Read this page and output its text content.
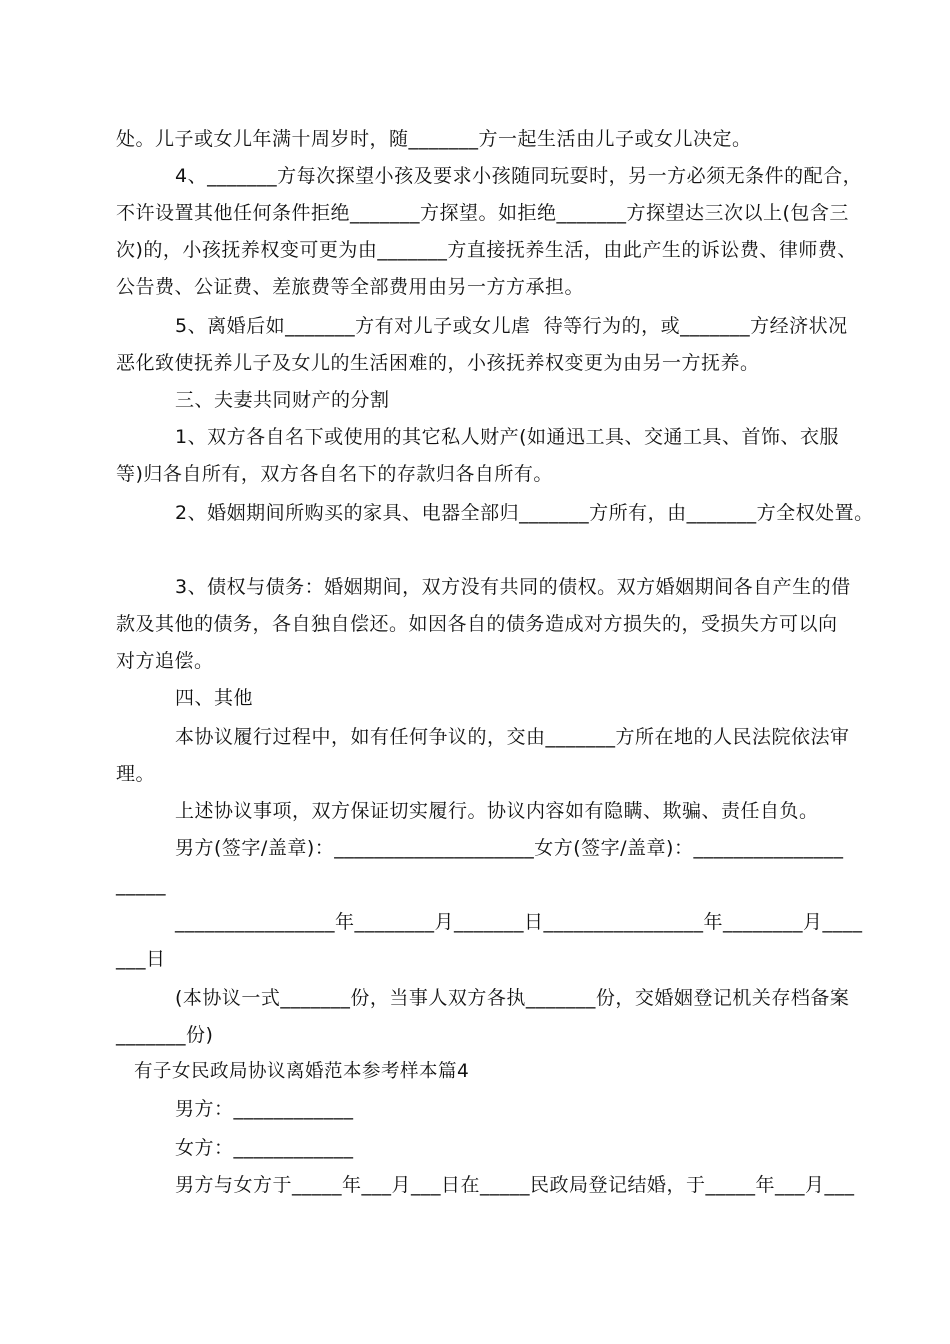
处。儿子或女儿年满十周岁时，随_______方一起生活由儿子或女儿决定。
4、_______方每次探望小孩及要求小孩随同玩耍时，另一方必须无条件的配合，
不许设置其他任何条件拒绝_______方探望。如拒绝_______方探望达三次以上(包含三
次)的，小孩抚养权变可更为由_______方直接抚养生活，由此产生的诉讼费、律师费、
公告费、公证费、差旅费等全部费用由另一方方承担。
5、离婚后如_______方有对儿子或女儿虐  待等行为的，或_______方经济状况
恶化致使抚养儿子及女儿的生活困难的，小孩抚养权变更为由另一方抚养。
三、夫妻共同财产的分割
1、双方各自名下或使用的其它私人财产(如通迅工具、交通工具、首饰、衣服
等)归各自所有，双方各自名下的存款归各自所有。
2、婚姻期间所购买的家具、电器全部归_______方所有，由_______方全权处置。
3、债权与债务：婚姻期间，双方没有共同的债权。双方婚姻期间各自产生的借
款及其他的债务，各自独自偿还。如因各自的债务造成对方损失的，受损失方可以向
对方追偿。
四、其他
本协议履行过程中，如有任何争议的，交由_______方所在地的人民法院依法审
理。
上述协议事项，双方保证切实履行。协议内容如有隐瞒、欺骗、责任自负。
男方(签字/盖章)：____________________女方(签字/盖章)：_______________
_____
________________年________月_______日________________年________月____
___日
(本协议一式_______份，当事人双方各执_______份，交婚姻登记机关存档备案
_______份)
有子女民政局协议离婚范本参考样本篇4
男方：____________
女方：____________
男方与女方于_____年___月___日在_____民政局登记结婚，于_____年___月___
